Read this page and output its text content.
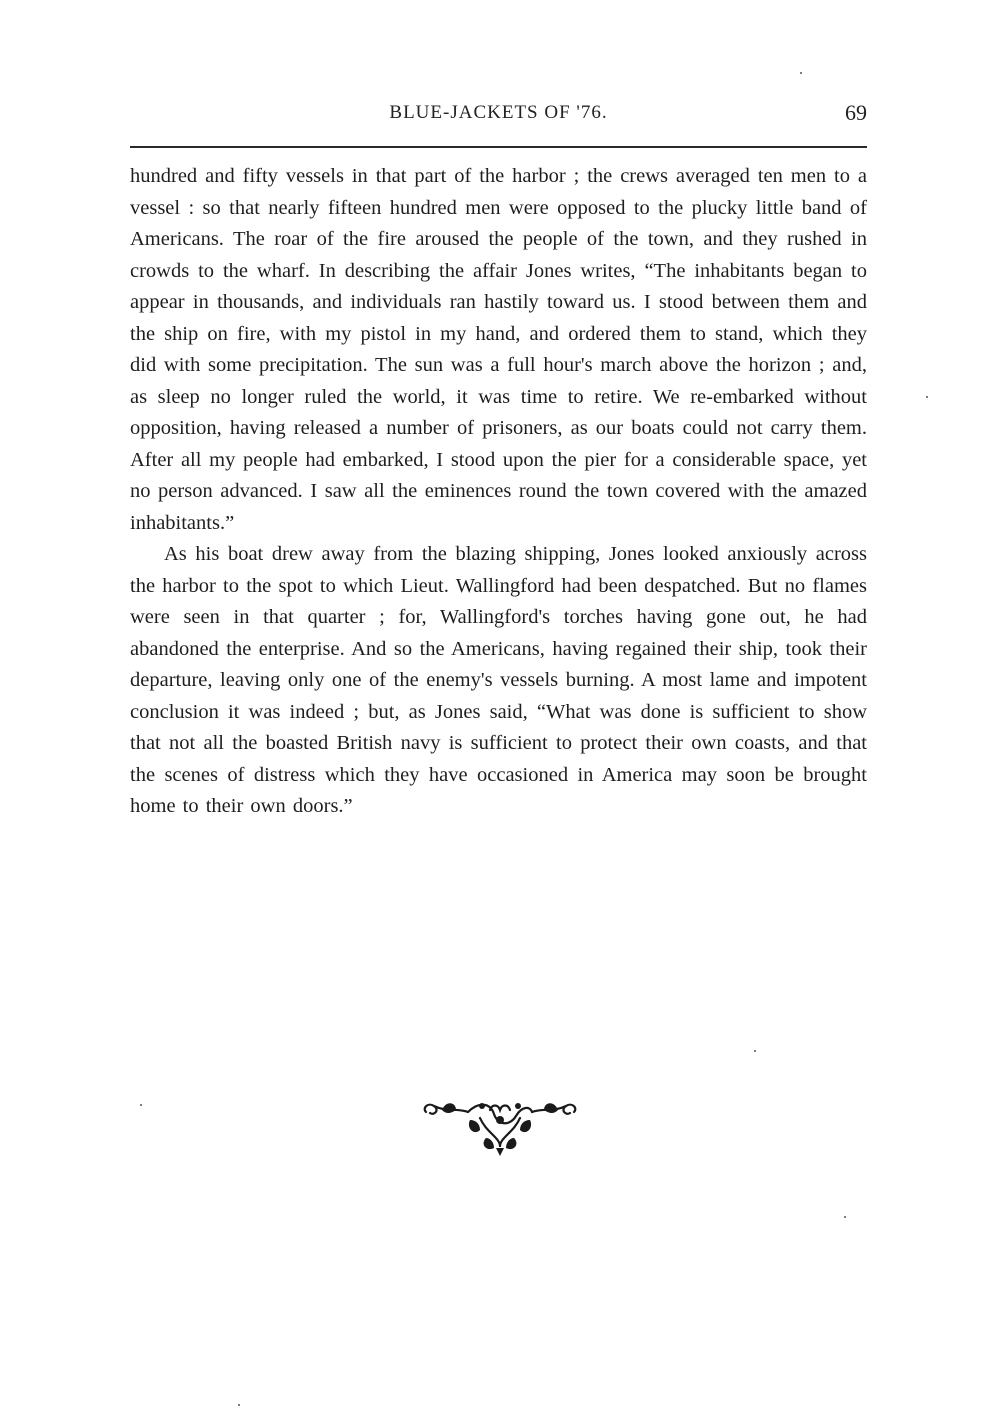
BLUE-JACKETS OF '76.	69

hundred and fifty vessels in that part of the harbor ; the crews averaged ten men to a vessel : so that nearly fifteen hundred men were opposed to the plucky little band of Americans. The roar of the fire aroused the people of the town, and they rushed in crowds to the wharf. In describing the affair Jones writes, “The inhabitants began to appear in thousands, and individuals ran hastily toward us. I stood between them and the ship on fire, with my pistol in my hand, and ordered them to stand, which they did with some precipitation. The sun was a full hour's march above the horizon ; and, as sleep no longer ruled the world, it was time to retire. We re-embarked without opposition, having released a number of prisoners, as our boats could not carry them. After all my people had embarked, I stood upon the pier for a considerable space, yet no person advanced. I saw all the eminences round the town covered with the amazed inhabitants.”

As his boat drew away from the blazing shipping, Jones looked anxiously across the harbor to the spot to which Lieut. Wallingford had been despatched. But no flames were seen in that quarter ; for, Wallingford's torches having gone out, he had abandoned the enterprise. And so the Americans, having regained their ship, took their departure, leaving only one of the enemy's vessels burning. A most lame and impotent conclusion it was indeed ; but, as Jones said, “What was done is sufficient to show that not all the boasted British navy is sufficient to protect their own coasts, and that the scenes of distress which they have occasioned in America may soon be brought home to their own doors.”
